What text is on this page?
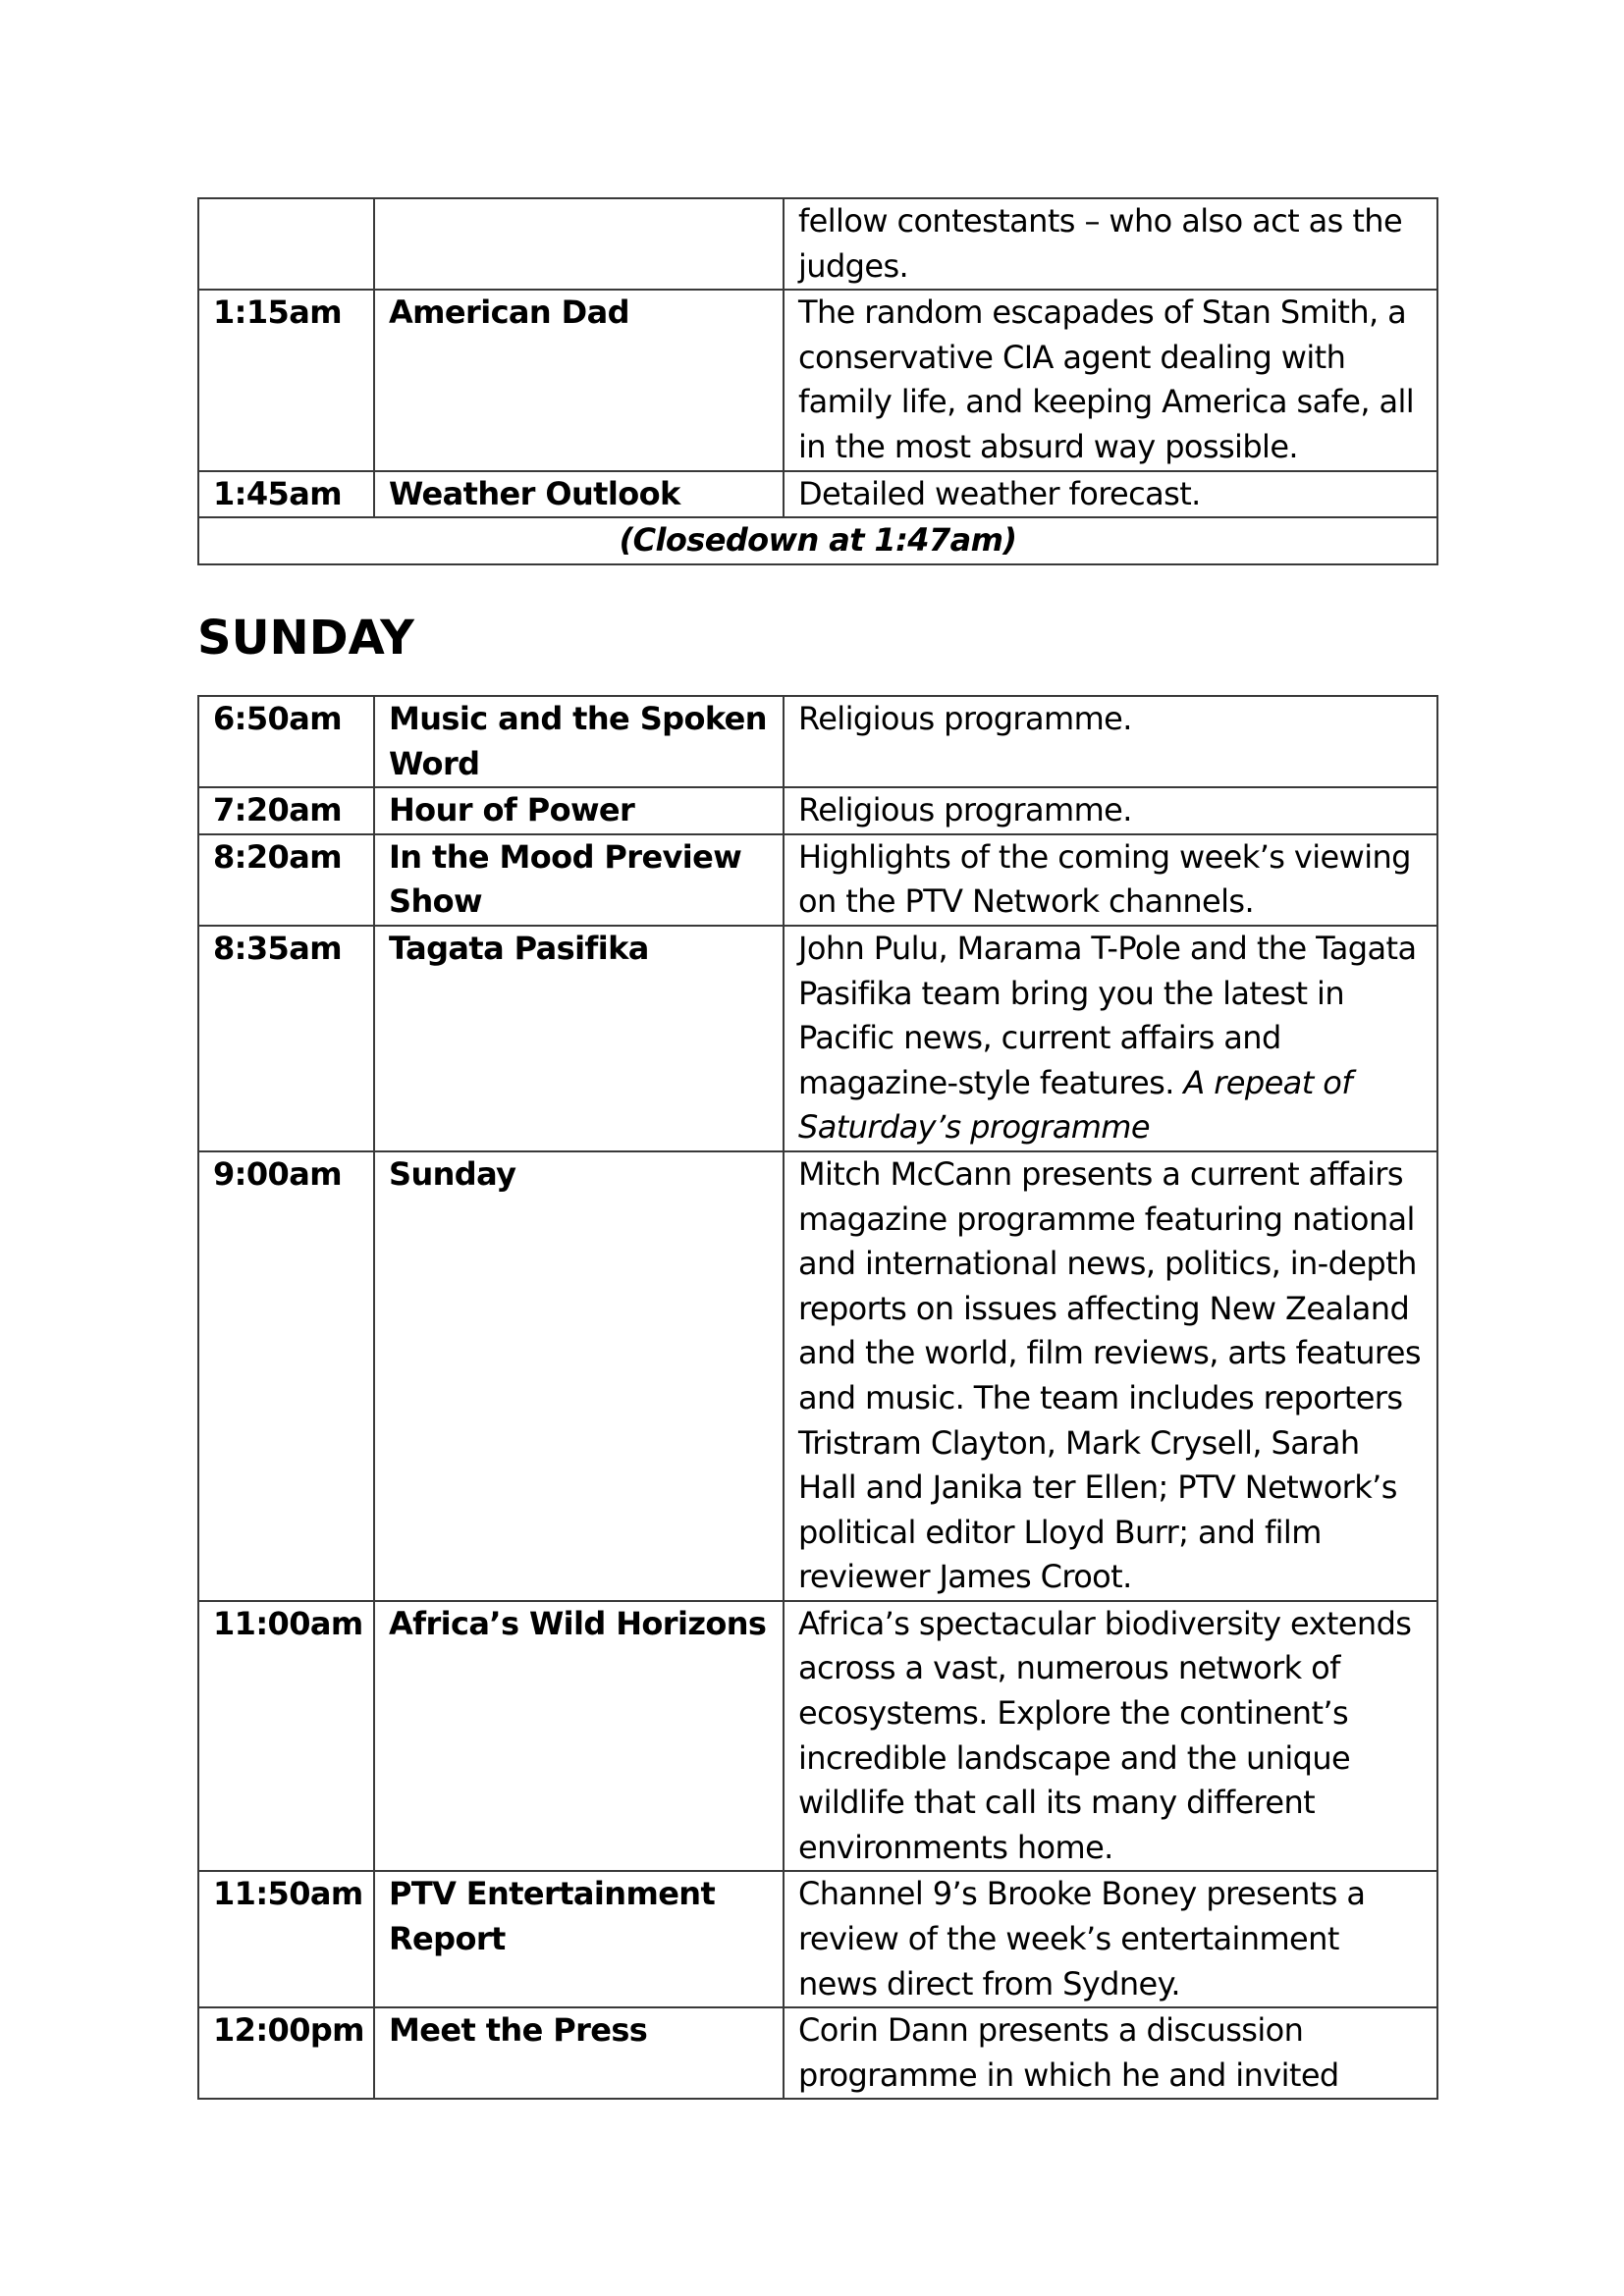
		fellow contestants – who also act as the judges.
1:15am	American Dad	The random escapades of Stan Smith, a conservative CIA agent dealing with family life, and keeping America safe, all in the most absurd way possible.
1:45am	Weather Outlook	Detailed weather forecast.
(Closedown at 1:47am)		
SUNDAY
6:50am	Music and the Spoken Word	Religious programme.
7:20am	Hour of Power	Religious programme.
8:20am	In the Mood Preview Show	Highlights of the coming week’s viewing on the PTV Network channels.
8:35am	Tagata Pasifika	John Pulu, Marama T-Pole and the Tagata Pasifika team bring you the latest in Pacific news, current affairs and magazine-style features. A repeat of Saturday’s programme
9:00am	Sunday	Mitch McCann presents a current affairs magazine programme featuring national and international news, politics, in-depth reports on issues affecting New Zealand and the world, film reviews, arts features and music. The team includes reporters Tristram Clayton, Mark Crysell, Sarah Hall and Janika ter Ellen; PTV Network’s political editor Lloyd Burr; and film reviewer James Croot.
11:00am	Africa’s Wild Horizons	Africa’s spectacular biodiversity extends across a vast, numerous network of ecosystems. Explore the continent’s incredible landscape and the unique wildlife that call its many different environments home.
11:50am	PTV Entertainment Report	Channel 9’s Brooke Boney presents a review of the week’s entertainment news direct from Sydney.
12:00pm	Meet the Press	Corin Dann presents a discussion programme in which he and invited
